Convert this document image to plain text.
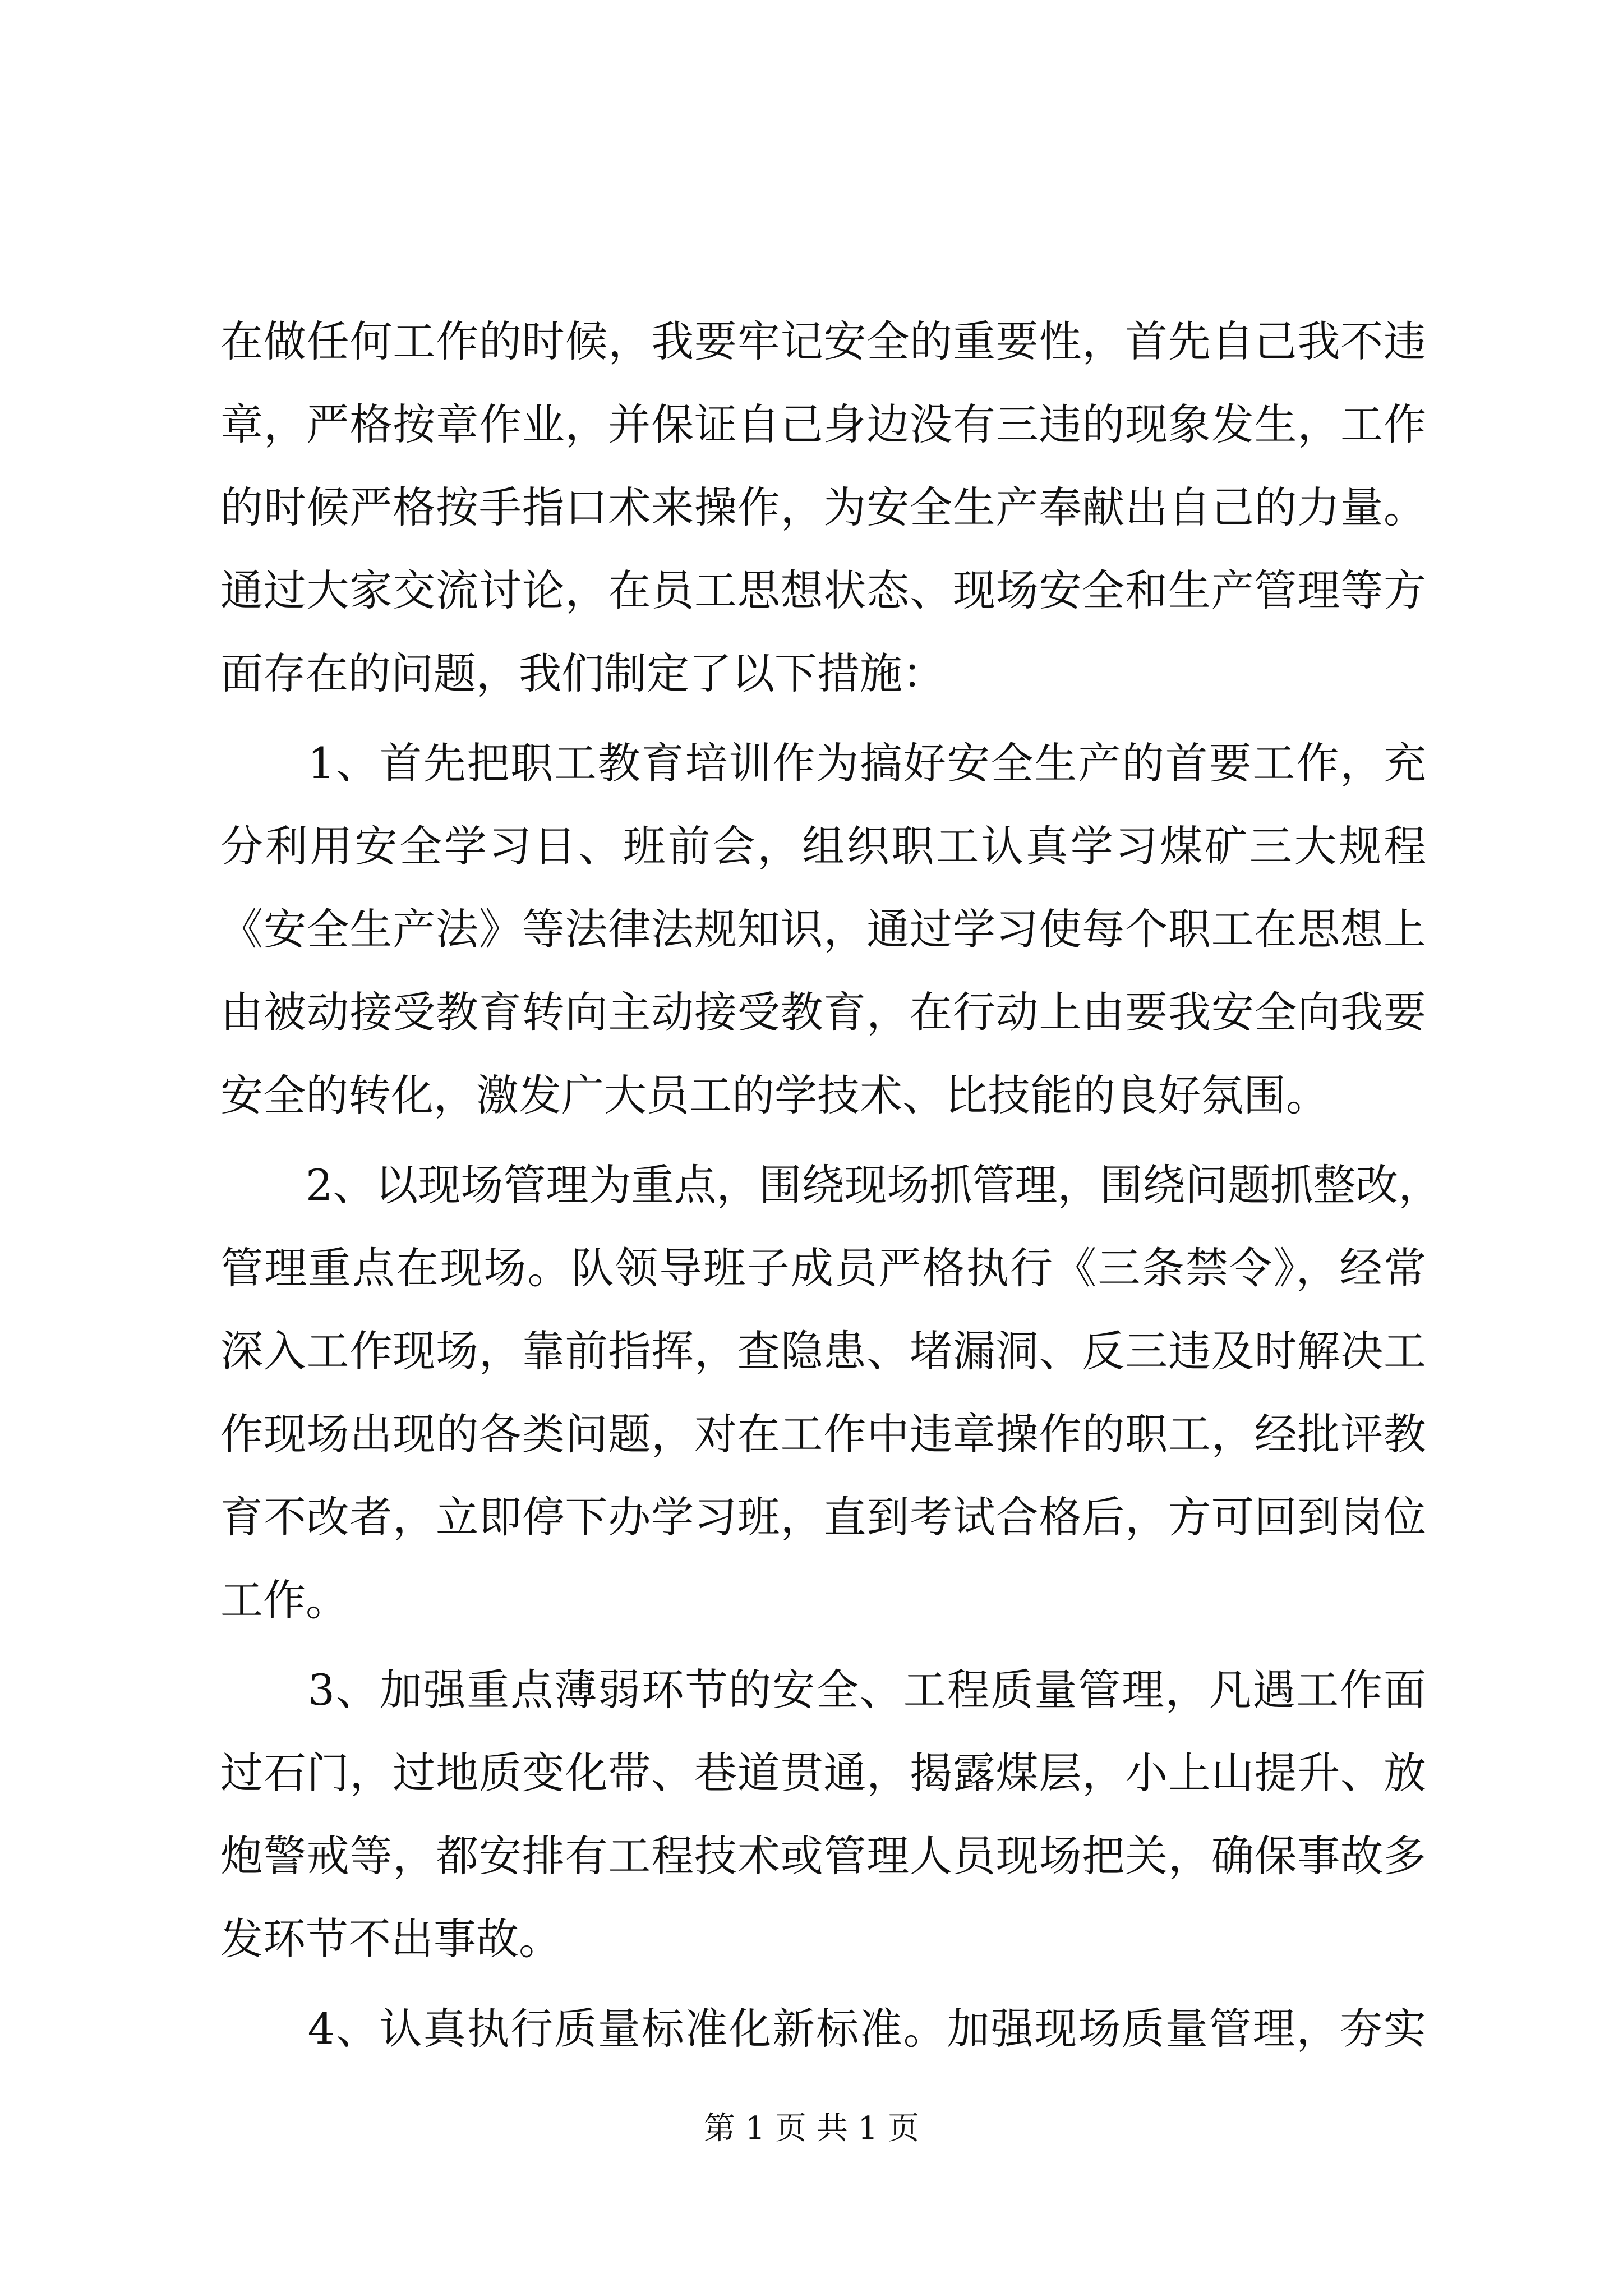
在做任何工作的时候，我要牢记安全的重要性，首先自己我不违
章，严格按章作业，并保证自己身边没有三违的现象发生，工作
的时候严格按手指口术来操作，为安全生产奉献出自己的力量。
通过大家交流讨论，在员工思想状态、现场安全和生产管理等方
面存在的问题，我们制定了以下措施：
　　1、首先把职工教育培训作为搞好安全生产的首要工作，充
分利用安全学习日、班前会，组织职工认真学习煤矿三大规程
《安全生产法》等法律法规知识，通过学习使每个职工在思想上
由被动接受教育转向主动接受教育，在行动上由要我安全向我要
安全的转化，激发广大员工的学技术、比技能的良好氛围。
　　2、以现场管理为重点，围绕现场抓管理，围绕问题抓整改，
管理重点在现场。队领导班子成员严格执行《三条禁令》，经常
深入工作现场，靠前指挥，查隐患、堵漏洞、反三违及时解决工
作现场出现的各类问题，对在工作中违章操作的职工，经批评教
育不改者，立即停下办学习班，直到考试合格后，方可回到岗位
工作。
　　3、加强重点薄弱环节的安全、工程质量管理，凡遇工作面
过石门，过地质变化带、巷道贯通，揭露煤层，小上山提升、放
炮警戒等，都安排有工程技术或管理人员现场把关，确保事故多
发环节不出事故。
　　4、认真执行质量标准化新标准。加强现场质量管理，夯实
第 1 页 共 1 页
